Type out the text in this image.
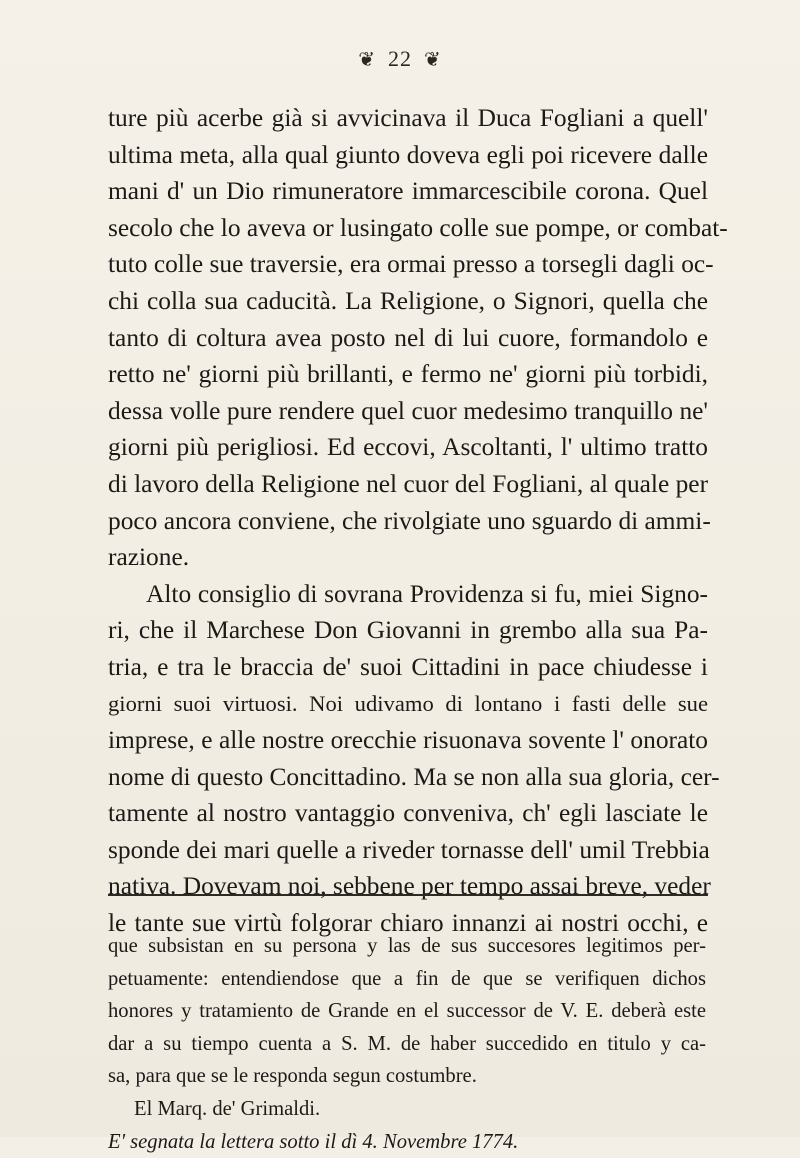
❦ 22 ❦
ture più acerbe già si avvicinava il Duca Fogliani a quell'
ultima meta, alla qual giunto doveva egli poi ricevere dalle
mani d' un Dio rimuneratore immarcescibile corona. Quel
secolo che lo aveva or lusingato colle sue pompe, or combat-
tuto colle sue traversie, era ormai presso a torsegli dagli oc-
chi colla sua caducità. La Religione, o Signori, quella che
tanto di coltura avea posto nel di lui cuore, formandolo e
retto ne' giorni più brillanti, e fermo ne' giorni più torbidi,
dessa volle pure rendere quel cuor medesimo tranquillo ne'
giorni più perigliosi. Ed eccovi, Ascoltanti, l' ultimo tratto
di lavoro della Religione nel cuor del Fogliani, al quale per
poco ancora conviene, che rivolgiate uno sguardo di ammi-
razione.
Alto consiglio di sovrana Providenza si fu, miei Signo-
ri, che il Marchese Don Giovanni in grembo alla sua Pa-
tria, e tra le braccia de' suoi Cittadini in pace chiudesse i
giorni suoi virtuosi. Noi udivamo di lontano i fasti delle sue
imprese, e alle nostre orecchie risuonava sovente l' onorato
nome di questo Concittadino. Ma se non alla sua gloria, cer-
tamente al nostro vantaggio conveniva, ch' egli lasciate le
sponde dei mari quelle a riveder tornasse dell' umil Trebbia
nativa. Dovevam noi, sebbene per tempo assai breve, veder
le tante sue virtù folgorar chiaro innanzi ai nostri occhi, e
que subsistan en su persona y las de sus succesores legitimos per-
petuamente: entendiendose que a fin de que se verifiquen dichos
honores y tratamiento de Grande en el successor de V. E. deberà este
dar a su tiempo cuenta a S. M. de haber succedido en titulo y ca-
sa, para que se le responda segun costumbre.
El Marq. de' Grimaldi.
E' segnata la lettera sotto il dì 4. Novembre 1774.
